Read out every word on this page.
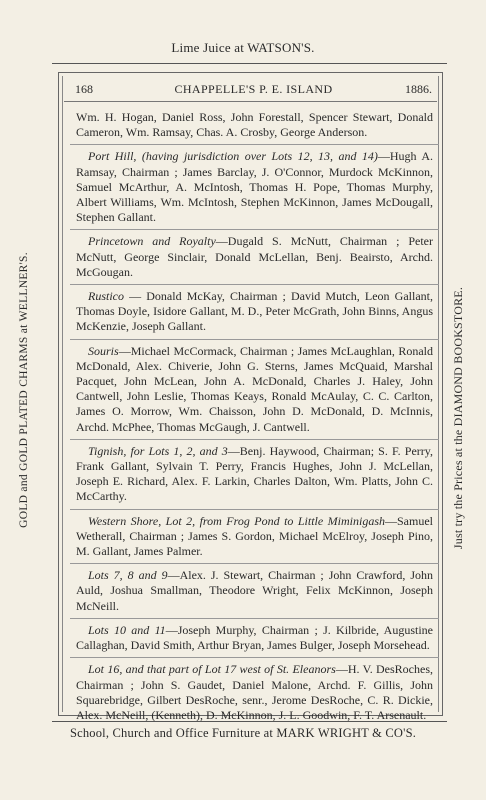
Lime Juice at WATSON'S.
GOLD and GOLD PLATED CHARMS at WELLNER'S.	Just try the Prices at the DIAMOND BOOKSTORE.
168	CHAPPELLE'S P. E. ISLAND	1886.

Wm. H. Hogan, Daniel Ross, John Forestall, Spencer Stewart, Donald Cameron, Wm. Ramsay, Chas. A. Crosby, George Anderson.

 Port Hill, (having jurisdiction over Lots 12, 13, and 14)—Hugh A. Ramsay, Chairman ; James Barclay, J. O'Connor, Murdock McKinnon, Samuel McArthur, A. McIntosh, Thomas H. Pope, Thomas Murphy, Albert Williams, Wm. McIntosh, Stephen McKinnon, James McDougall, Stephen Gallant.

 Princetown and Royalty—Dugald S. McNutt, Chairman ; Peter McNutt, George Sinclair, Donald McLellan, Benj. Beairsto, Archd. McGougan.

 Rustico — Donald McKay, Chairman ; David Mutch, Leon Gallant, Thomas Doyle, Isidore Gallant, M. D., Peter McGrath, John Binns, Angus McKenzie, Joseph Gallant.

 Souris—Michael McCormack, Chairman ; James McLaughlan, Ronald McDonald, Alex. Chiverie, John G. Sterns, James McQuaid, Marshal Pacquet, John McLean, John A. McDonald, Charles J. Haley, John Cantwell, John Leslie, Thomas Keays, Ronald McAulay, C. C. Carlton, James O. Morrow, Wm. Chaisson, John D. McDonald, D. McInnis, Archd. McPhee, Thomas McGaugh, J. Cantwell.

 Tignish, for Lots 1, 2, and 3—Benj. Haywood, Chairman; S. F. Perry, Frank Gallant, Sylvain T. Perry, Francis Hughes, John J. McLellan, Joseph E. Richard, Alex. F. Larkin, Charles Dalton, Wm. Platts, John C. McCarthy.

 Western Shore, Lot 2, from Frog Pond to Little Miminigash—Samuel Wetherall, Chairman ; James S. Gordon, Michael McElroy, Joseph Pino, M. Gallant, James Palmer.

 Lots 7, 8 and 9—Alex. J. Stewart, Chairman ; John Crawford, John Auld, Joshua Smallman, Theodore Wright, Felix McKinnon, Joseph McNeill.

 Lots 10 and 11—Joseph Murphy, Chairman ; J. Kilbride, Augustine Callaghan, David Smith, Arthur Bryan, James Bulger, Joseph Morsehead.

 Lot 16, and that part of Lot 17 west of St. Eleanors—H. V. DesRoches, Chairman ; John S. Gaudet, Daniel Malone, Archd. F. Gillis, John Squarebridge, Gilbert DesRoche, senr., Jerome DesRoche, C. R. Dickie, Alex. McNeill, (Kenneth), D. McKinnon, J. L. Goodwin, F. T. Arsenault.

School, Church and Office Furniture at MARK WRIGHT & CO'S.
